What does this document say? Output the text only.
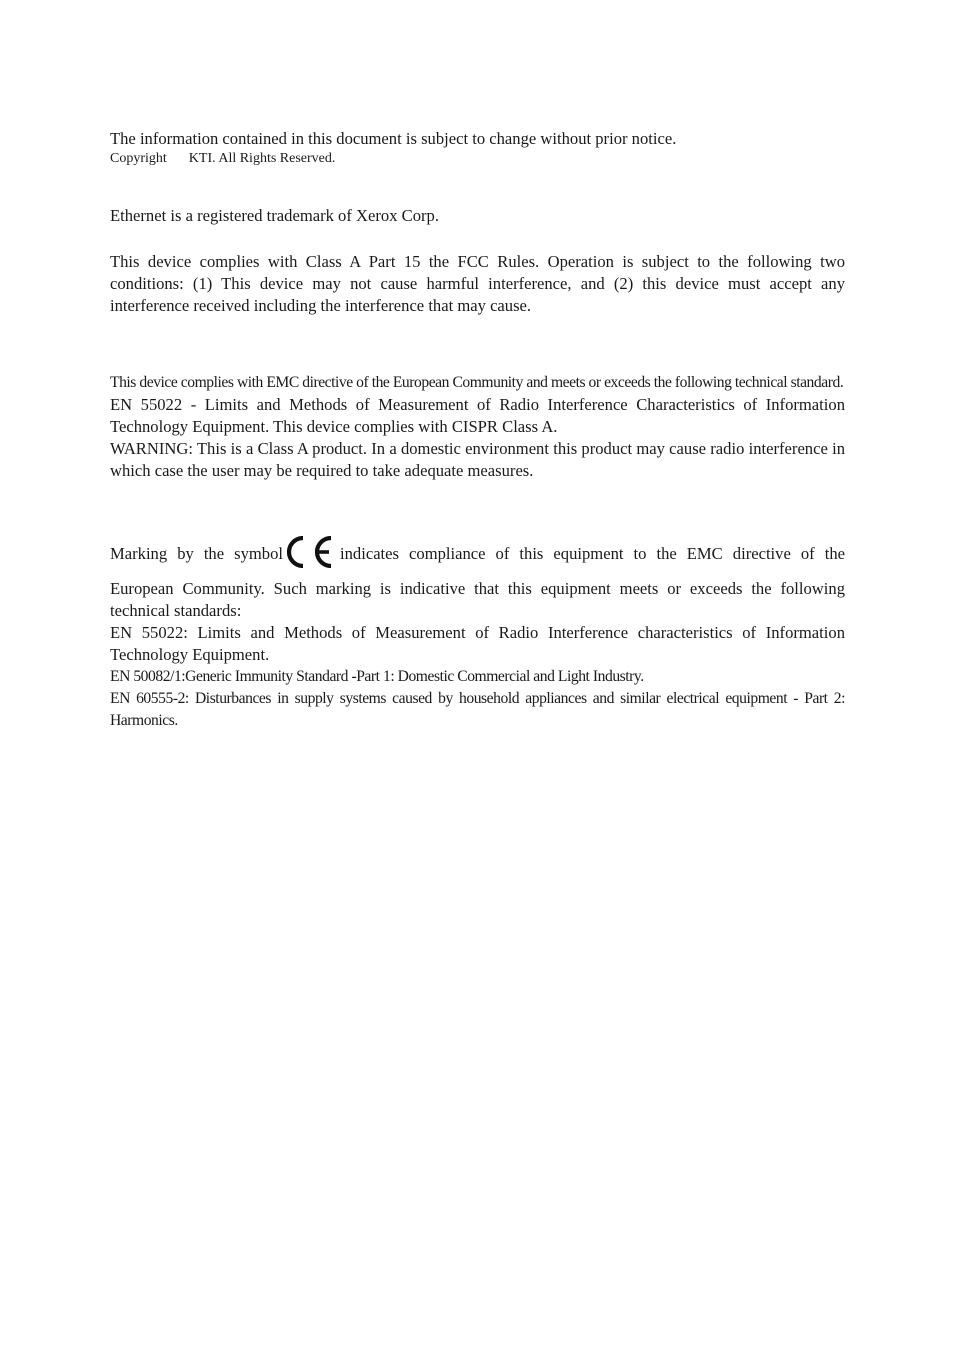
The information contained in this document is subject to change without prior notice.
Copyright KTI. All Rights Reserved.
Ethernet is a registered trademark of Xerox Corp.
This device complies with Class A Part 15 the FCC Rules. Operation is subject to the following two conditions: (1) This device may not cause harmful interference, and (2) this device must accept any interference received including the interference that may cause.
This device complies with EMC directive of the European Community and meets or exceeds the following technical standard.
EN 55022 - Limits and Methods of Measurement of Radio Interference Characteristics of Information Technology Equipment. This device complies with CISPR Class A.
WARNING: This is a Class A product. In a domestic environment this product may cause radio interference in which case the user may be required to take adequate measures.
Marking by the symbol	indicates compliance of this equipment to the EMC directive of the
European Community. Such marking is indicative that this equipment meets or exceeds the following technical standards:
EN 55022: Limits and Methods of Measurement of Radio Interference characteristics of Information Technology Equipment.
EN 50082/1:Generic Immunity Standard -Part 1: Domestic Commercial and Light Industry.
EN 60555-2: Disturbances in supply systems caused by household appliances and similar electrical equipment - Part 2: Harmonics.
